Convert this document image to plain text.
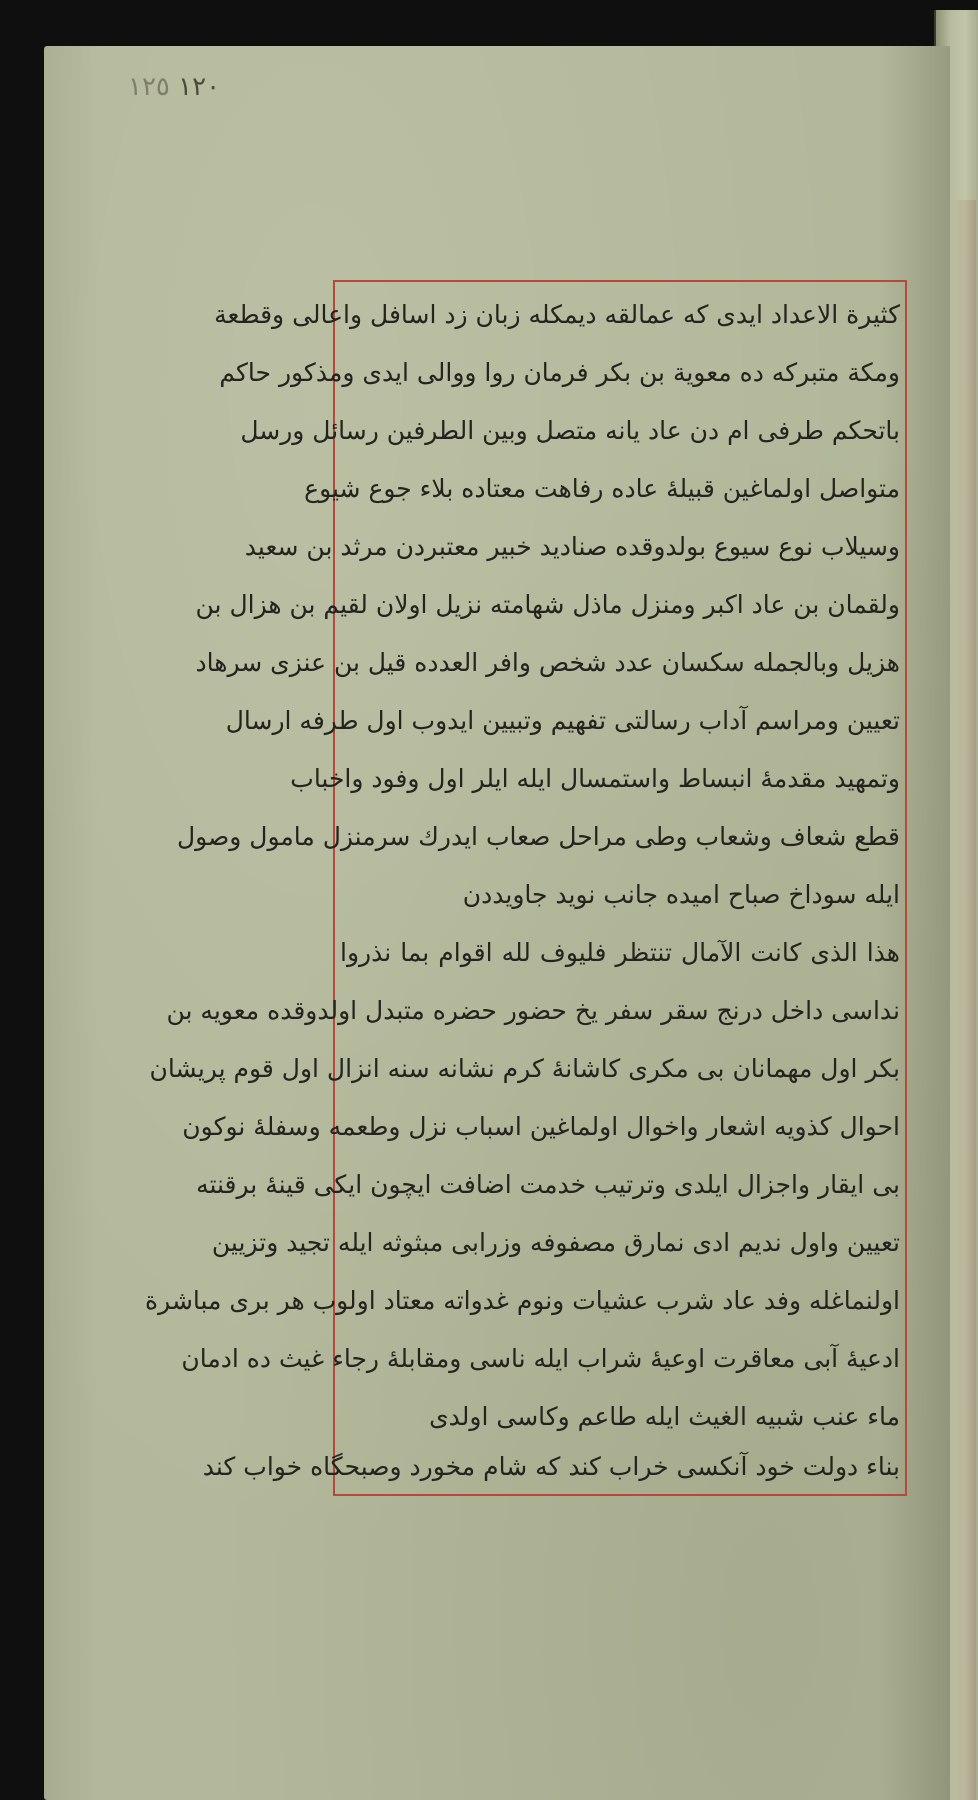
١٢٠ ١٢٥
كثيرة الاعداد ايدى كه عمالقه ديمكله زبان زد اسافل واعالى وقطعة
ومكة متبركه ده معوية بن بكر فرمان روا ووالى ايدى ومذكور حاكم
باتحكم طرفى ام دن عاد يانه متصل وبين الطرفين رسائل ورسل
متواصل اولماغين قبيلهٔ عاده رفاهت معتاده بلاء جوع شيوع
وسيلاب نوع سيوع بولدوقده صناديد خبير معتبردن مرثد بن سعيد
ولقمان بن عاد اكبر ومنزل ماذل شهامته نزيل اولان لقيم بن هزال بن
هزيل وبالجمله سكسان عدد شخص وافر العدده قيل بن عنزى سرهاد
تعيين ومراسم آداب رسالتى تفهيم وتبيين ايدوب اول طرفه ارسال
وتمهيد مقدمهٔ انبساط واستمسال ايله ايلر اول وفود واخباب
قطع شعاف وشعاب وطى مراحل صعاب ايدرك سرمنزل مامول وصول
ايله سوداخ صباح اميده جانب نويد جاويددن
هذا الذى كانت الآمال تنتظر فليوف لله اقوام بما نذروا
نداسى داخل درنج سقر سفر يخ حضور حضره متبدل اولدوقده معويه بن
بكر اول مهمانان بى مكرى كاشانهٔ كرم نشانه سنه انزال اول قوم پريشان
احوال كذويه اشعار واخوال اولماغين اسباب نزل وطعمه وسفلهٔ نوكون
بى ايقار واجزال ايلدى وترتيب خدمت اضافت ايچون ايكى قينهٔ برقنته
تعيين واول نديم ادى نمارق مصفوفه وزرابى مبثوثه ايله تجيد وتزيين
اولنماغله وفد عاد شرب عشيات ونوم غدواته معتاد اولوب هر برى مباشرة
ادعيهٔ آبى معاقرت اوعيهٔ شراب ايله ناسى ومقابلهٔ رجاء غيث ده ادمان
ماء عنب شبيه الغيث ايله طاعم وكاسى اولدى
بناء دولت خود آنكسى خراب كند كه شام مخورد وصبحگاه خواب كند
